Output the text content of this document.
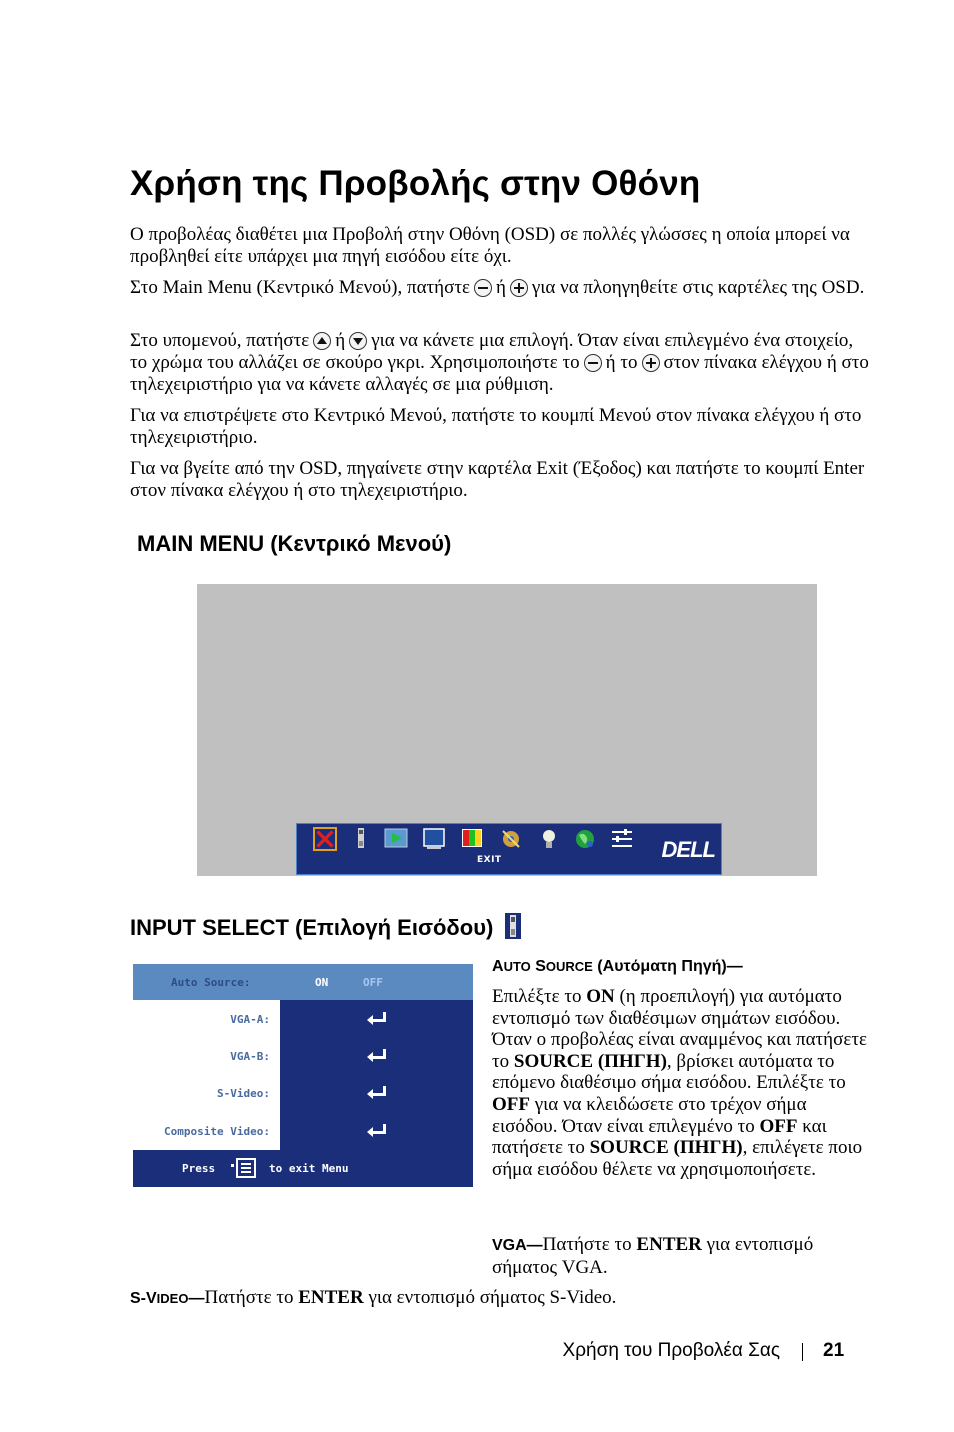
Χρήση της Προβολής στην Οθόνη

Ο προβολέας διαθέτει μια Προβολή στην Οθόνη (OSD) σε πολλές γλώσσες η οποία μπορεί να προβληθεί είτε υπάρχει μια πηγή εισόδου είτε όχι.

Στο Main Menu (Κεντρικό Μενού), πατήστε ή για να πλοηγηθείτε στις καρτέλες της OSD.

Στο υπομενού, πατήστε ή για να κάνετε μια επιλογή. Όταν είναι επιλεγμένο ένα στοιχείο, το χρώμα του αλλάζει σε σκούρο γκρι. Χρησιμοποιήστε το ή το στον πίνακα ελέγχου ή στο τηλεχειριστήριο για να κάνετε αλλαγές σε μια ρύθμιση.

Για να επιστρέψετε στο Κεντρικό Μενού, πατήστε το κουμπί Μενού στον πίνακα ελέγχου ή στο τηλεχειριστήριο.

Για να βγείτε από την OSD, πηγαίνετε στην καρτέλα Exit (Έξοδος) και πατήστε το κουμπί Enter στον πίνακα ελέγχου ή στο τηλεχειριστήριο.

MAIN MENU (Κεντρικό Μενού)
EXIT	DELL
INPUT SELECT (Επιλογή Εισόδου)
Auto Source:	ON	OFF
VGA-A:
VGA-B:
S-Video:
Composite Video:
Press	to exit Menu
AUTO SOURCE (Αυτόματη Πηγή)—

Επιλέξτε το ON (η προεπιλογή) για αυτόματο εντοπισμό των διαθέσιμων σημάτων εισόδου. Όταν ο προβολέας είναι αναμμένος και πατήσετε το SOURCE (ΠΗΓΗ), βρίσκει αυτόματα το επόμενο διαθέσιμο σήμα εισόδου. Επιλέξτε το OFF για να κλειδώσετε στο τρέχον σήμα εισόδου. Όταν είναι επιλεγμένο το OFF και πατήσετε το SOURCE (ΠΗΓΗ), επιλέγετε ποιο σήμα εισόδου θέλετε να χρησιμοποιήσετε.

VGA—Πατήστε το ENTER για εντοπισμό σήματος VGA.

S-VIDEO—Πατήστε το ENTER για εντοπισμό σήματος S-Video.

Χρήση του Προβολέα Σας 21
